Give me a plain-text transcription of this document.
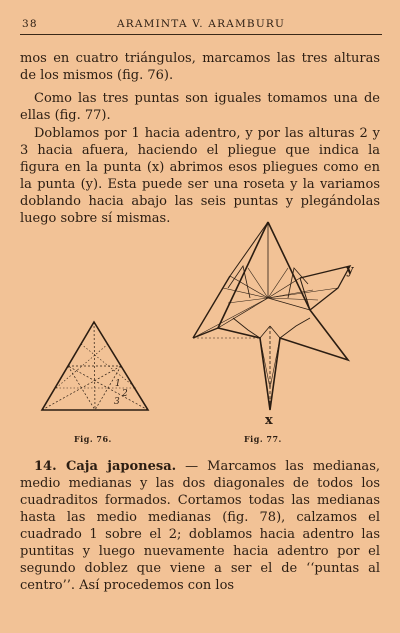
38	ARAMINTA V. ARAMBURU
mos en cuatro triángulos, marcamos las tres alturas de los mismos (fig. 76).
Como las tres puntas son iguales tomamos una de ellas (fig. 77).
Doblamos por 1 hacia adentro, y por las alturas 2 y 3 hacia afuera, haciendo el pliegue que indica la figura en la punta (x) abrimos esos pliegues como en la punta (y). Esta puede ser una roseta y la variamos doblando hacia abajo las seis puntas y plegándolas luego sobre sí mismas.
1
2
3
Fig. 76.
y
x
Fig. 77.
14. Caja japonesa. — Marcamos las medianas, medio medianas y las dos diagonales de todos los cuadraditos formados. Cortamos todas las medianas hasta las medio medianas (fig. 78), calzamos el cuadrado 1 sobre el 2; doblamos hacia adentro las puntitas y luego nuevamente hacia adentro por el segundo doblez que viene a ser el de ‘‘puntas al centro’’. Así procedemos con los
